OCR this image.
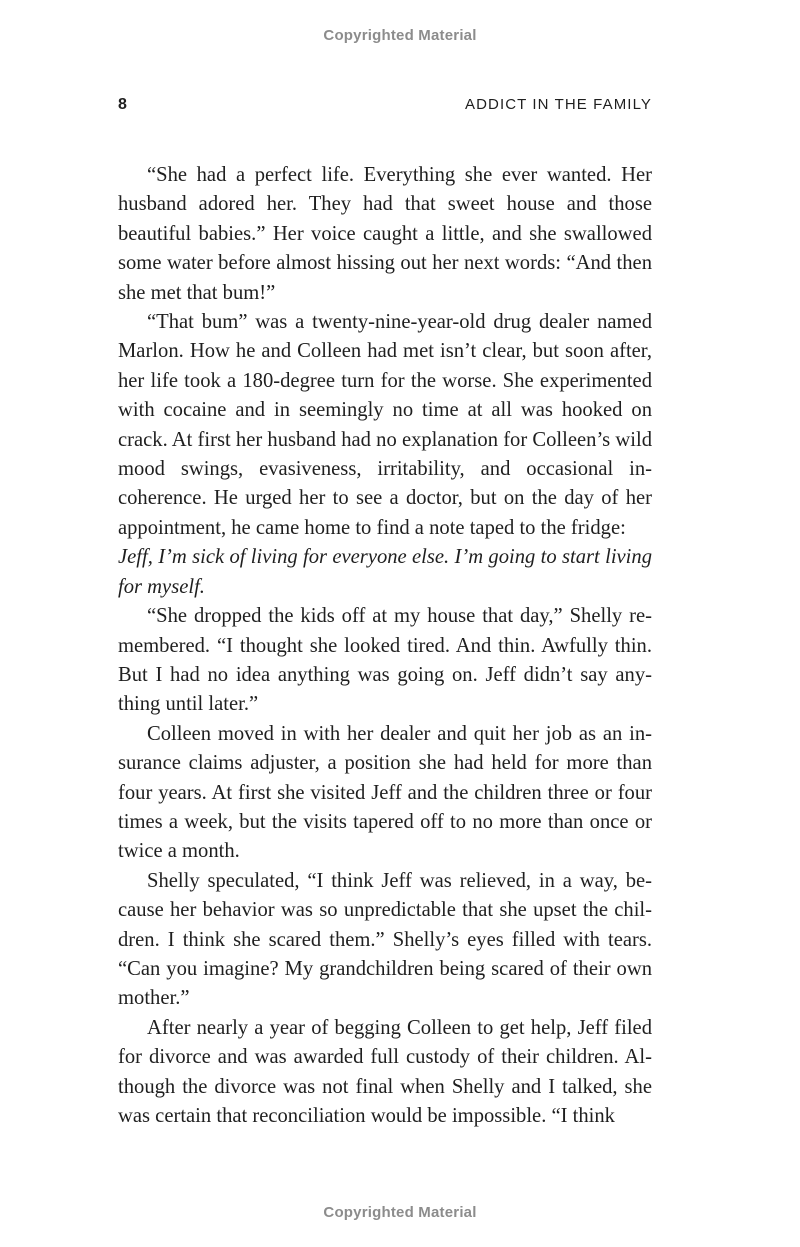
Copyrighted Material
8	ADDICT IN THE FAMILY

“She had a perfect life. Everything she ever wanted. Her husband adored her. They had that sweet house and those beautiful babies.” Her voice caught a little, and she swallowed some water before almost hissing out her next words: “And then she met that bum!”

“That bum” was a twenty-nine-year-old drug dealer named Marlon. How he and Colleen had met isn’t clear, but soon after, her life took a 180-degree turn for the worse. She experimented with cocaine and in seemingly no time at all was hooked on crack. At first her husband had no explanation for Colleen’s wild mood swings, evasiveness, irritability, and occasional incoherence. He urged her to see a doctor, but on the day of her appointment, he came home to find a note taped to the fridge:

Jeff, I’m sick of living for everyone else. I’m going to start living for myself.

“She dropped the kids off at my house that day,” Shelly remembered. “I thought she looked tired. And thin. Awfully thin. But I had no idea anything was going on. Jeff didn’t say anything until later.”

Colleen moved in with her dealer and quit her job as an insurance claims adjuster, a position she had held for more than four years. At first she visited Jeff and the children three or four times a week, but the visits tapered off to no more than once or twice a month.

Shelly speculated, “I think Jeff was relieved, in a way, because her behavior was so unpredictable that she upset the children. I think she scared them.” Shelly’s eyes filled with tears. “Can you imagine? My grandchildren being scared of their own mother.”

After nearly a year of begging Colleen to get help, Jeff filed for divorce and was awarded full custody of their children. Although the divorce was not final when Shelly and I talked, she was certain that reconciliation would be impossible. “I think

Copyrighted Material
